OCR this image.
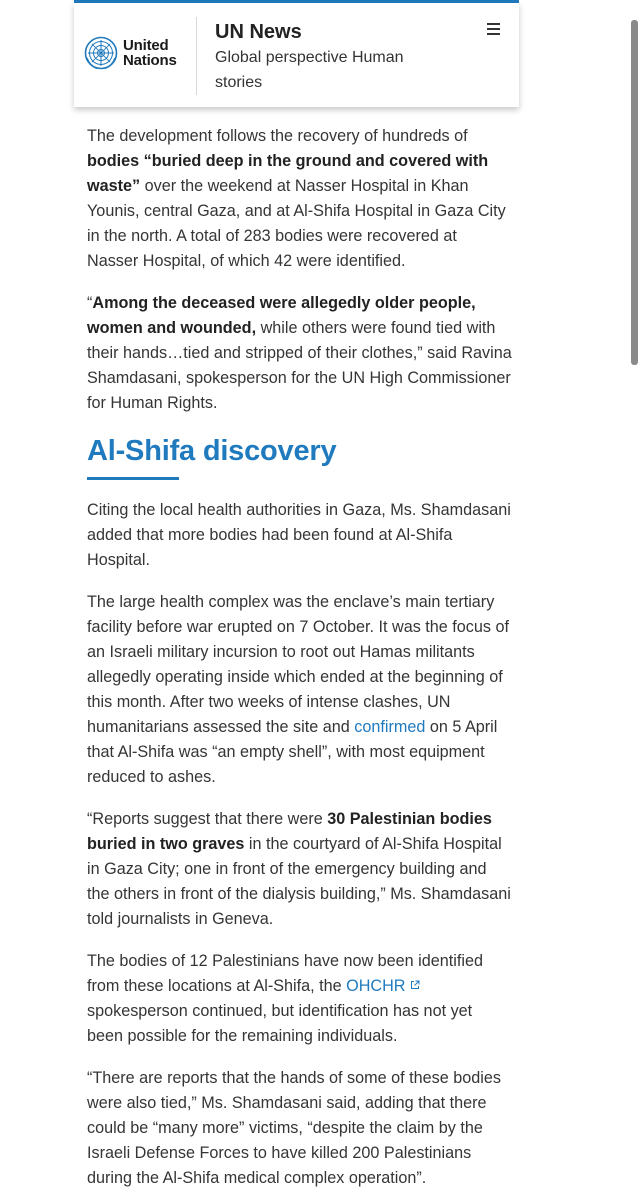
United
Nations
UN News
Global perspective Human stories

The development follows the recovery of hundreds of bodies “buried deep in the ground and covered with waste” over the weekend at Nasser Hospital in Khan Younis, central Gaza, and at Al-Shifa Hospital in Gaza City in the north. A total of 283 bodies were recovered at Nasser Hospital, of which 42 were identified.

“Among the deceased were allegedly older people, women and wounded, while others were found tied with their hands…tied and stripped of their clothes,” said Ravina Shamdasani, spokesperson for the UN High Commissioner for Human Rights.

Al-Shifa discovery

Citing the local health authorities in Gaza, Ms. Shamdasani added that more bodies had been found at Al-Shifa Hospital.

The large health complex was the enclave’s main tertiary facility before war erupted on 7 October. It was the focus of an Israeli military incursion to root out Hamas militants allegedly operating inside which ended at the beginning of this month. After two weeks of intense clashes, UN humanitarians assessed the site and confirmed on 5 April that Al-Shifa was “an empty shell”, with most equipment reduced to ashes.

“Reports suggest that there were 30 Palestinian bodies buried in two graves in the courtyard of Al-Shifa Hospital in Gaza City; one in front of the emergency building and the others in front of the dialysis building,” Ms. Shamdasani told journalists in Geneva.

The bodies of 12 Palestinians have now been identified from these locations at Al-Shifa, the OHCHR spokesperson continued, but identification has not yet been possible for the remaining individuals.

“There are reports that the hands of some of these bodies were also tied,” Ms. Shamdasani said, adding that there could be “many more” victims, “despite the claim by the Israeli Defense Forces to have killed 200 Palestinians during the Al-Shifa medical complex operation”.
